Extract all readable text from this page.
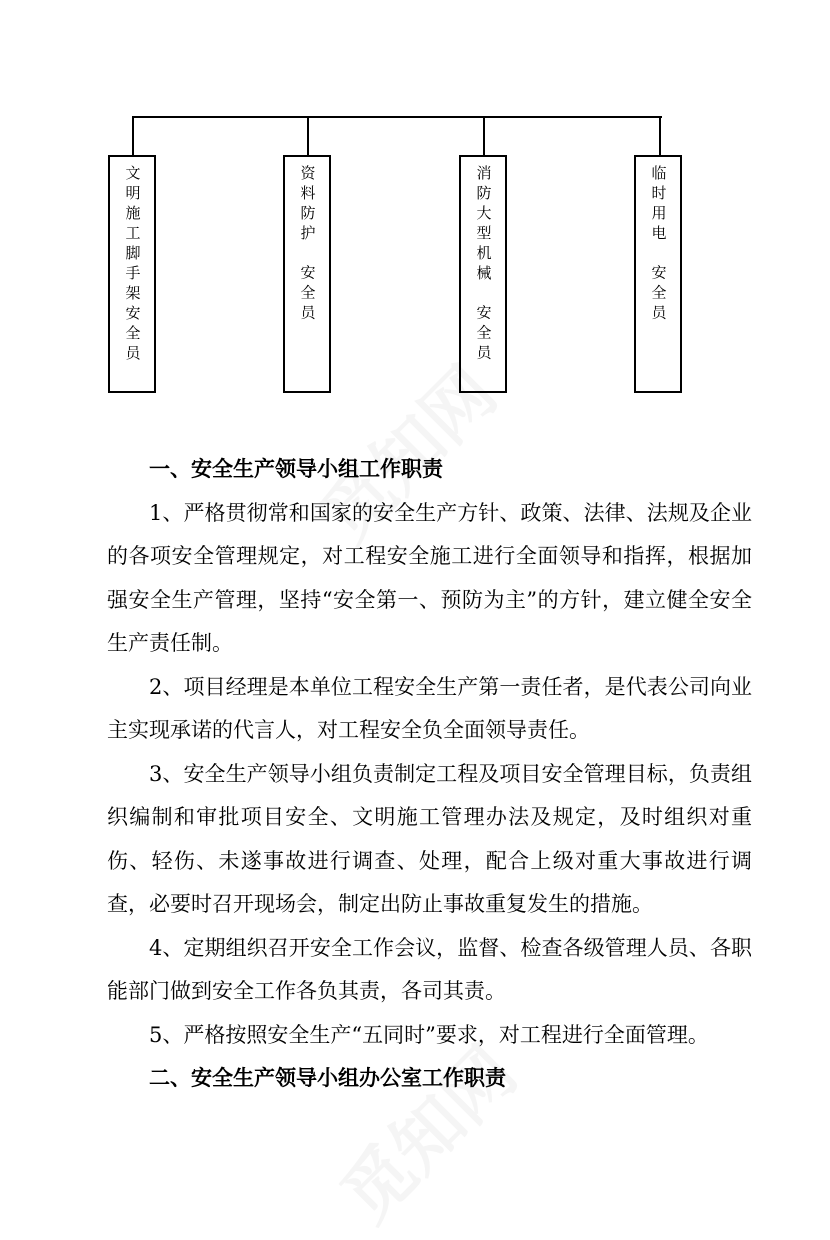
文明施工脚手架安全员	资料防护  安全员	消防大型机械  安全员	临时用电  安全员
一、安全生产领导小组工作职责

1、严格贯彻常和国家的安全生产方针、政策、法律、法规及企业的各项安全管理规定，对工程安全施工进行全面领导和指挥，根据加强安全生产管理，坚持“安全第一、预防为主”的方针，建立健全安全生产责任制。

2、项目经理是本单位工程安全生产第一责任者，是代表公司向业主实现承诺的代言人，对工程安全负全面领导责任。

3、安全生产领导小组负责制定工程及项目安全管理目标，负责组织编制和审批项目安全、文明施工管理办法及规定，及时组织对重伤、轻伤、未遂事故进行调查、处理，配合上级对重大事故进行调查，必要时召开现场会，制定出防止事故重复发生的措施。

4、定期组织召开安全工作会议，监督、检查各级管理人员、各职能部门做到安全工作各负其责，各司其责。

5、严格按照安全生产“五同时”要求，对工程进行全面管理。

二、安全生产领导小组办公室工作职责
